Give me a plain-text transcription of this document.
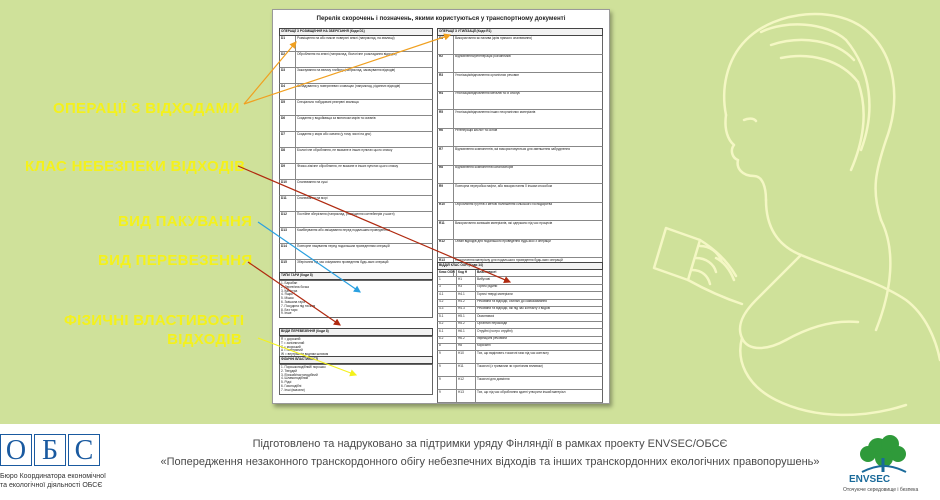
Перелік скорочень і позначень, якими користуються у транспортному документі
ОПЕРАЦІЇ З РОЗМІЩЕННЯ НА ЗБЕРІГАННЯ (Коди D1)
D1	Розміщення на або нижче поверхні землі (наприклад, на звалищі)
D2	Обробляння на землі (наприклад, біологічне розкладання відходів)
D3	Закачування на велику глибину (наприклад, закачування відходів)
D4	Складування у поверхневих сховищах (наприклад, рідинних відходів)
D5	Спеціально побудовані резервні звалища
D6	Скидання у водоймища за винятком морів та океанів
D7	Скидання у моря або океани (у тому числі на дно)
D8	Біологічне обробляння, не вказане в інших пунктах цього списку
D9	Фізико-хімічне обробляння, не вказане в інших пунктах цього списку
D10	Спалювання на суші
D11	Спалювання на морі
D12	Постійне зберігання (наприклад, розміщення контейнерів у шахті)
D13	Комбінування або змішування перед подальшим проведенням
D14	Повторне пакування перед подальшим проведенням операцій
D15	Зберігання під час очікування проведення будь-яких операцій
ОПЕРАЦІЇ З УТИЛІЗАЦІЇ (Коди R1)
R1	Використання як палива (крім прямого спалювання)
R2	Відновлення/регенерація розчинників
R3	Утилізація/відновлення органічних речовин
R4	Утилізація/відновлення металів та їх сполук
R5	Утилізація/відновлення інших неорганічних матеріалів
R6	Регенерація кислот та основ
R7	Відновлення компонентів, які використовуються для зменшення забруднення
R8	Відновлення компонентів каталізаторів
R9	Повторна переробка нафти, або використання її іншим способом
R10	Обробляння ґрунтів з метою поліпшення сільського господарства
R11	Використання залишків матеріалів, які одержано під час процесів
R12	Обмін відходів для подальшого проведення будь-якої з операцій
R13	Накопичення матеріалу для подальшого проведення будь-яких операцій
ТИПИ ТАРИ (Коди 8)
1. Барабан
2. Дерев'яна бочка
3. Каністра
4. Ящик
5. Мішок
6. Змішана тара
7. Посудина під тиском
8. Без тари
9. Інше
ВИДИ ПЕРЕВЕЗЕННЯ (Коди 8)
R = дорожній
T = залізничний
S = морський
A = повітряний
W = внутрішнім водним шляхом
ФІЗИЧНІ ВЛАСТИВОСТІ
1. Порошкоподібний/ порошок
2. Твердий
3. В'язкий/пастоподібний
4. Шламоподібний
5. Рідкі
6. Газоподібні
7. Інші (вказати)
ВІДДІЛ КЛАС ООН (Коди 14)
Клас ООН	Код Н	Властивості
1	H1	Вибухові
3	H3	Горючі рідини
4.1	H4.1	Горючі тверді матеріали
4.2	H4.2	Речовини та відходи, схильні до самозаймання
4.3	H4.3	Речовини та відходи, які під час контакту з водою
5.1	H5.1	Окиснювачі
5.2	H5.2	Органічні пероксиди
6.1	H6.1	Отруйні (гостро отруйні)
6.2	H6.2	Інфекційні речовини
8	H8	Корозійні
9	H10	Тих, що виділяють токсичні гази під час контакту
9	H11	Токсичні (з тривалим чи хронічним впливом)
9	H12	Токсичні для довкілля
9	H13	Тих, що під час обробляння здатні утворити інший матеріал
ОПЕРАЦІЇ З ВІДХОДАМИ
КЛАС НЕБЕЗПЕКИ ВІДХОДІВ
ВИД ПАКУВАННЯ
ВИД ПЕРЕВЕЗЕННЯ
ФІЗИЧНІ ВЛАСТИВОСТІ
ВІДХОДІВ
О Б С
Бюро Координатора економічної
та екологічної діяльності ОБСЄ
Підготовлено та надруковано за підтримки уряду Фінляндії в рамках проекту ENVSEC/ОБСЄ
«Попередження незаконного транскордонного обігу небезпечних відходів та інших транскордонних екологічних правопорушень»
ENVSEC
Оточуюче середовище і безпека
